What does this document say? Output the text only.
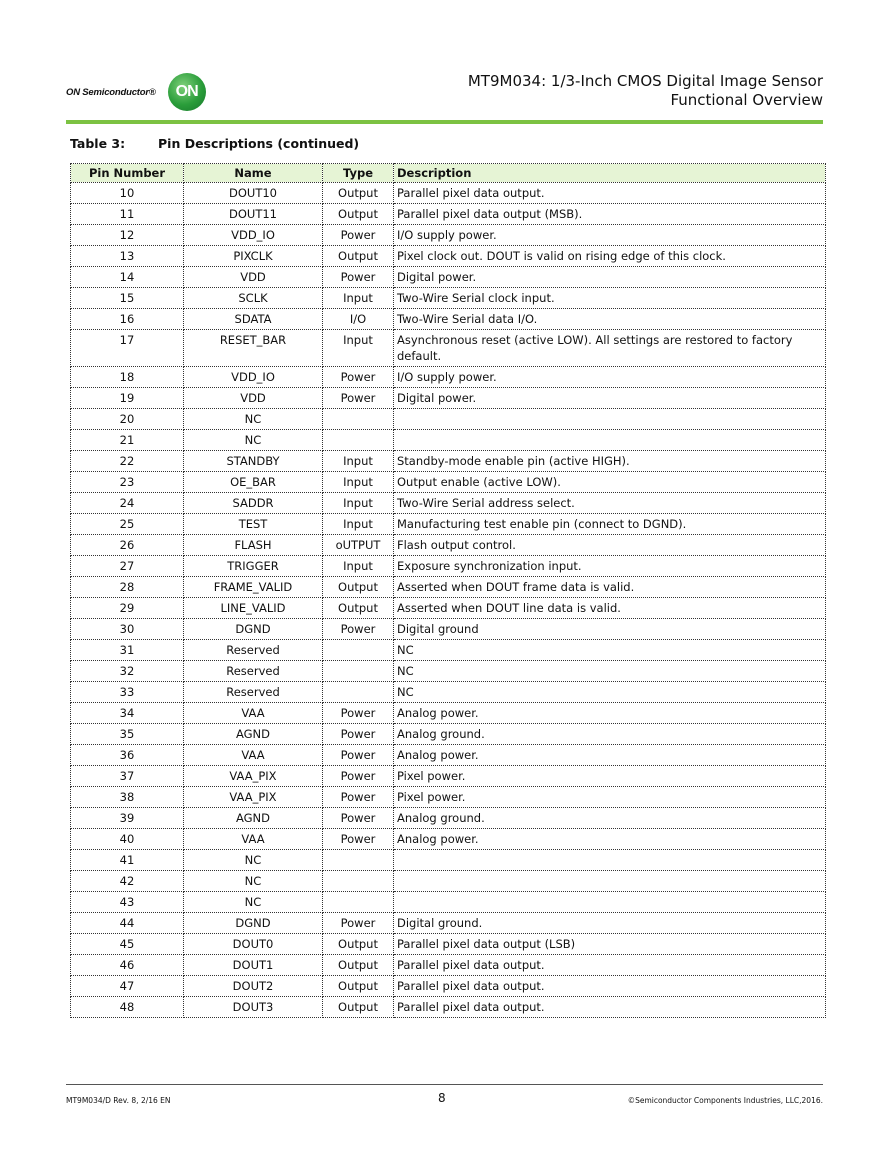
ON Semiconductor®	ON
MT9M034: 1/3-Inch CMOS Digital Image Sensor
Functional Overview
Table 3:	Pin Descriptions (continued)
Pin Number	Name	Type	Description
10	DOUT10	Output	Parallel pixel data output.
11	DOUT11	Output	Parallel pixel data output (MSB).
12	VDD_IO	Power	I/O supply power.
13	PIXCLK	Output	Pixel clock out. DOUT is valid on rising edge of this clock.
14	VDD	Power	Digital power.
15	SCLK	Input	Two-Wire Serial clock input.
16	SDATA	I/O	Two-Wire Serial data I/O.
17	RESET_BAR	Input	Asynchronous reset (active LOW). All settings are restored to factory default.
18	VDD_IO	Power	I/O supply power.
19	VDD	Power	Digital power.
20	NC		
21	NC		
22	STANDBY	Input	Standby-mode enable pin (active HIGH).
23	OE_BAR	Input	Output enable (active LOW).
24	SADDR	Input	Two-Wire Serial address select.
25	TEST	Input	Manufacturing test enable pin (connect to DGND).
26	FLASH	oUTPUT	Flash output control.
27	TRIGGER	Input	Exposure synchronization input.
28	FRAME_VALID	Output	Asserted when DOUT frame data is valid.
29	LINE_VALID	Output	Asserted when DOUT line data is valid.
30	DGND	Power	Digital ground
31	Reserved		NC
32	Reserved		NC
33	Reserved		NC
34	VAA	Power	Analog power.
35	AGND	Power	Analog ground.
36	VAA	Power	Analog power.
37	VAA_PIX	Power	Pixel power.
38	VAA_PIX	Power	Pixel power.
39	AGND	Power	Analog ground.
40	VAA	Power	Analog power.
41	NC		
42	NC		
43	NC		
44	DGND	Power	Digital ground.
45	DOUT0	Output	Parallel pixel data output (LSB)
46	DOUT1	Output	Parallel pixel data output.
47	DOUT2	Output	Parallel pixel data output.
48	DOUT3	Output	Parallel pixel data output.
MT9M034/D Rev. 8, 2/16 EN	8	©Semiconductor Components Industries, LLC,2016.
